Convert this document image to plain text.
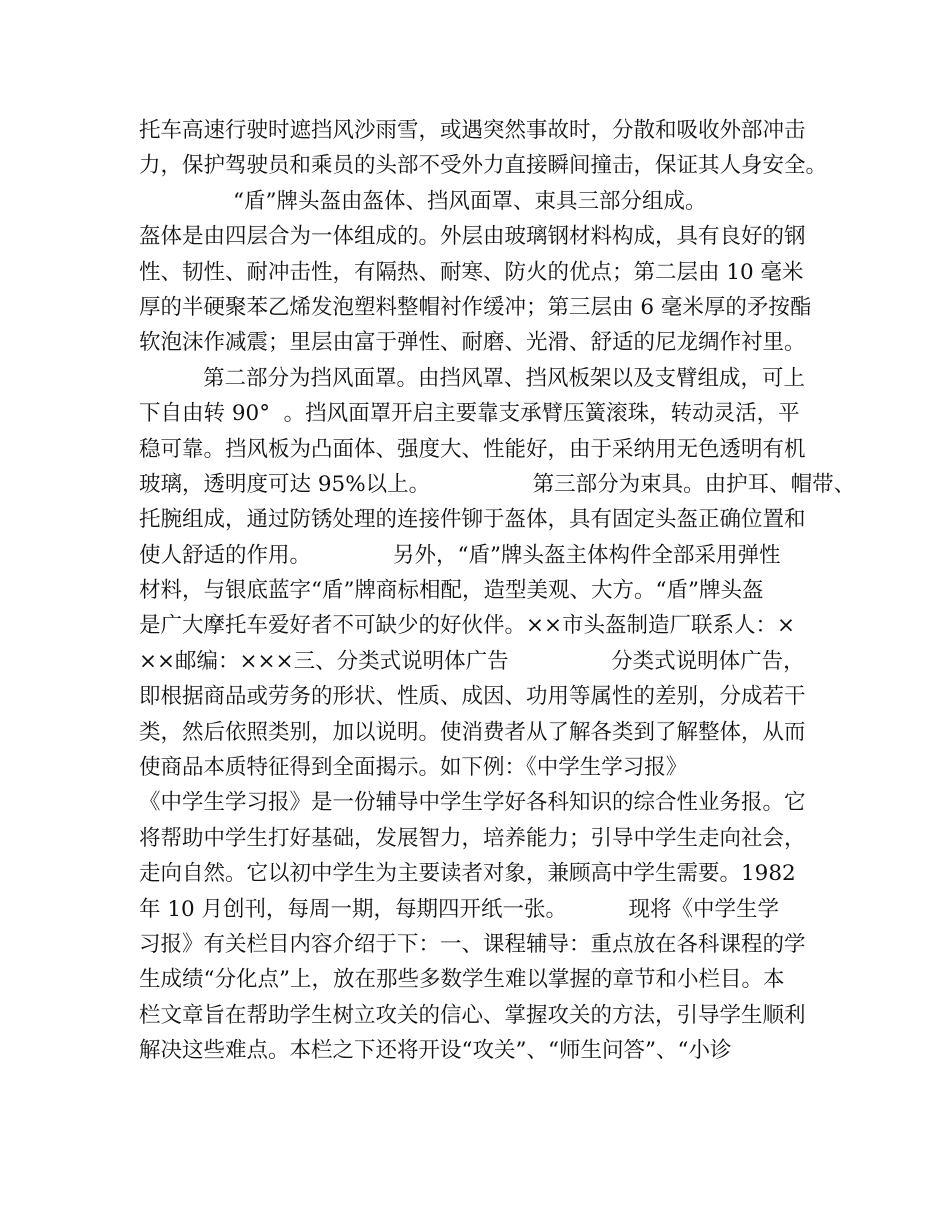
托车高速行驶时遮挡风沙雨雪，或遇突然事故时，分散和吸收外部冲击
力，保护驾驶员和乘员的头部不受外力直接瞬间撞击，保证其人身安全。
“盾”牌头盔由盔体、挡风面罩、束具三部分组成。
盔体是由四层合为一体组成的。外层由玻璃钢材料构成，具有良好的钢
性、韧性、耐冲击性，有隔热、耐寒、防火的优点；第二层由 10 毫米
厚的半硬聚苯乙烯发泡塑料整帽衬作缓冲；第三层由 6 毫米厚的矛按酯
软泡沫作减震；里层由富于弹性、耐磨、光滑、舒适的尼龙绸作衬里。
第二部分为挡风面罩。由挡风罩、挡风板架以及支臂组成，可上
下自由转 90°  。挡风面罩开启主要靠支承臂压簧滚珠，转动灵活，平
稳可靠。挡风板为凸面体、强度大、性能好，由于采纳用无色透明有机
玻璃，透明度可达 95%以上。               第三部分为束具。由护耳、帽带、
托腕组成，通过防锈处理的连接件铆于盔体，具有固定头盔正确位置和
使人舒适的作用。            另外，“盾”牌头盔主体构件全部采用弹性
材料，与银底蓝字“盾”牌商标相配，造型美观、大方。“盾”牌头盔
是广大摩托车爱好者不可缺少的好伙伴。××市头盔制造厂联系人：×
××邮编：×××三、分类式说明体广告               分类式说明体广告，
即根据商品或劳务的形状、性质、成因、功用等属性的差别，分成若干
类，然后依照类别，加以说明。使消费者从了解各类到了解整体，从而
使商品本质特征得到全面揭示。如下例：《中学生学习报》
《中学生学习报》是一份辅导中学生学好各科知识的综合性业务报。它
将帮助中学生打好基础，发展智力，培养能力；引导中学生走向社会，
走向自然。它以初中学生为主要读者对象，兼顾高中学生需要。1982
年 10 月创刊，每周一期，每期四开纸一张。         现将《中学生学
习报》有关栏目内容介绍于下：一、课程辅导：重点放在各科课程的学
生成绩“分化点”上，放在那些多数学生难以掌握的章节和小栏目。本
栏文章旨在帮助学生树立攻关的信心、掌握攻关的方法，引导学生顺利
解决这些难点。本栏之下还将开设“攻关”、“师生问答”、“小诊
